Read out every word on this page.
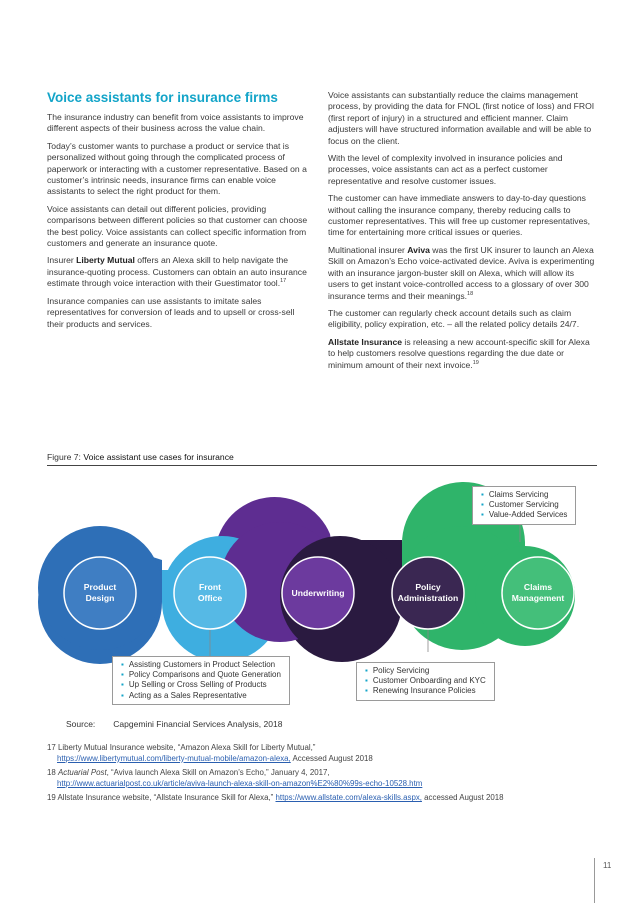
Voice assistants for insurance firms

The insurance industry can benefit from voice assistants to improve different aspects of their business across the value chain.

Today’s customer wants to purchase a product or service that is personalized without going through the complicated process of paperwork or interacting with a customer representative. Based on a customer’s intrinsic needs, insurance firms can enable voice assistants to select the right product for them.

Voice assistants can detail out different policies, providing comparisons between different policies so that customer can choose the best policy. Voice assistants can collect specific information from customers and generate an insurance quote.

Insurer Liberty Mutual offers an Alexa skill to help navigate the insurance-quoting process. Customers can obtain an auto insurance estimate through voice interaction with their Guestimator tool.$^{17}$

Insurance companies can use assistants to imitate sales representatives for conversion of leads and to upsell or cross-sell their products and services.

Voice assistants can substantially reduce the claims management process, by providing the data for FNOL (first notice of loss) and FROI (first report of injury) in a structured and efficient manner. Claim adjusters will have structured information available and will be able to focus on the client.

With the level of complexity involved in insurance policies and processes, voice assistants can act as a perfect customer representative and resolve customer issues.

The customer can have immediate answers to day-to-day questions without calling the insurance company, thereby reducing calls to customer representatives. This will free up customer representatives, time for entertaining more critical issues or queries.

Multinational insurer Aviva was the first UK insurer to launch an Alexa Skill on Amazon’s Echo voice-activated device. Aviva is experimenting with an insurance jargon-buster skill on Alexa, which will allow its users to get instant voice-controlled access to a glossary of over 300 insurance terms and their meanings.$^{18}$

The customer can regularly check account details such as claim eligibility, policy expiration, etc. – all the related policy details 24/7.

Allstate Insurance is releasing a new account-specific skill for Alexa to help customers resolve questions regarding the due date or minimum amount of their next invoice.$^{19}$

Figure 7: Voice assistant use cases for insurance
Product
Design
Front
Office	Underwriting
Policy
Administration
Claims
Management
▪ Claims Servicing
▪ Customer Servicing
▪ Value-Added Services
▪ Assisting Customers in Product Selection
▪ Policy Comparisons and Quote Generation
▪ Up Selling or Cross Selling of Products
▪ Acting as a Sales Representative
▪ Policy Servicing
▪ Customer Onboarding and KYC
▪ Renewing Insurance Policies
Source: Capgemini Financial Services Analysis, 2018
17 Liberty Mutual Insurance website, “Amazon Alexa Skill for Liberty Mutual,”
https://www.libertymutual.com/liberty-mutual-mobile/amazon-alexa, Accessed August 2018
18 Actuarial Post, “Aviva launch Alexa Skill on Amazon’s Echo,” January 4, 2017,
http://www.actuarialpost.co.uk/article/aviva-launch-alexa-skill-on-amazon%E2%80%99s-echo-10528.htm
19 Allstate Insurance website, “Allstate Insurance Skill for Alexa,” https://www.allstate.com/alexa-skills.aspx, accessed August 2018
11
